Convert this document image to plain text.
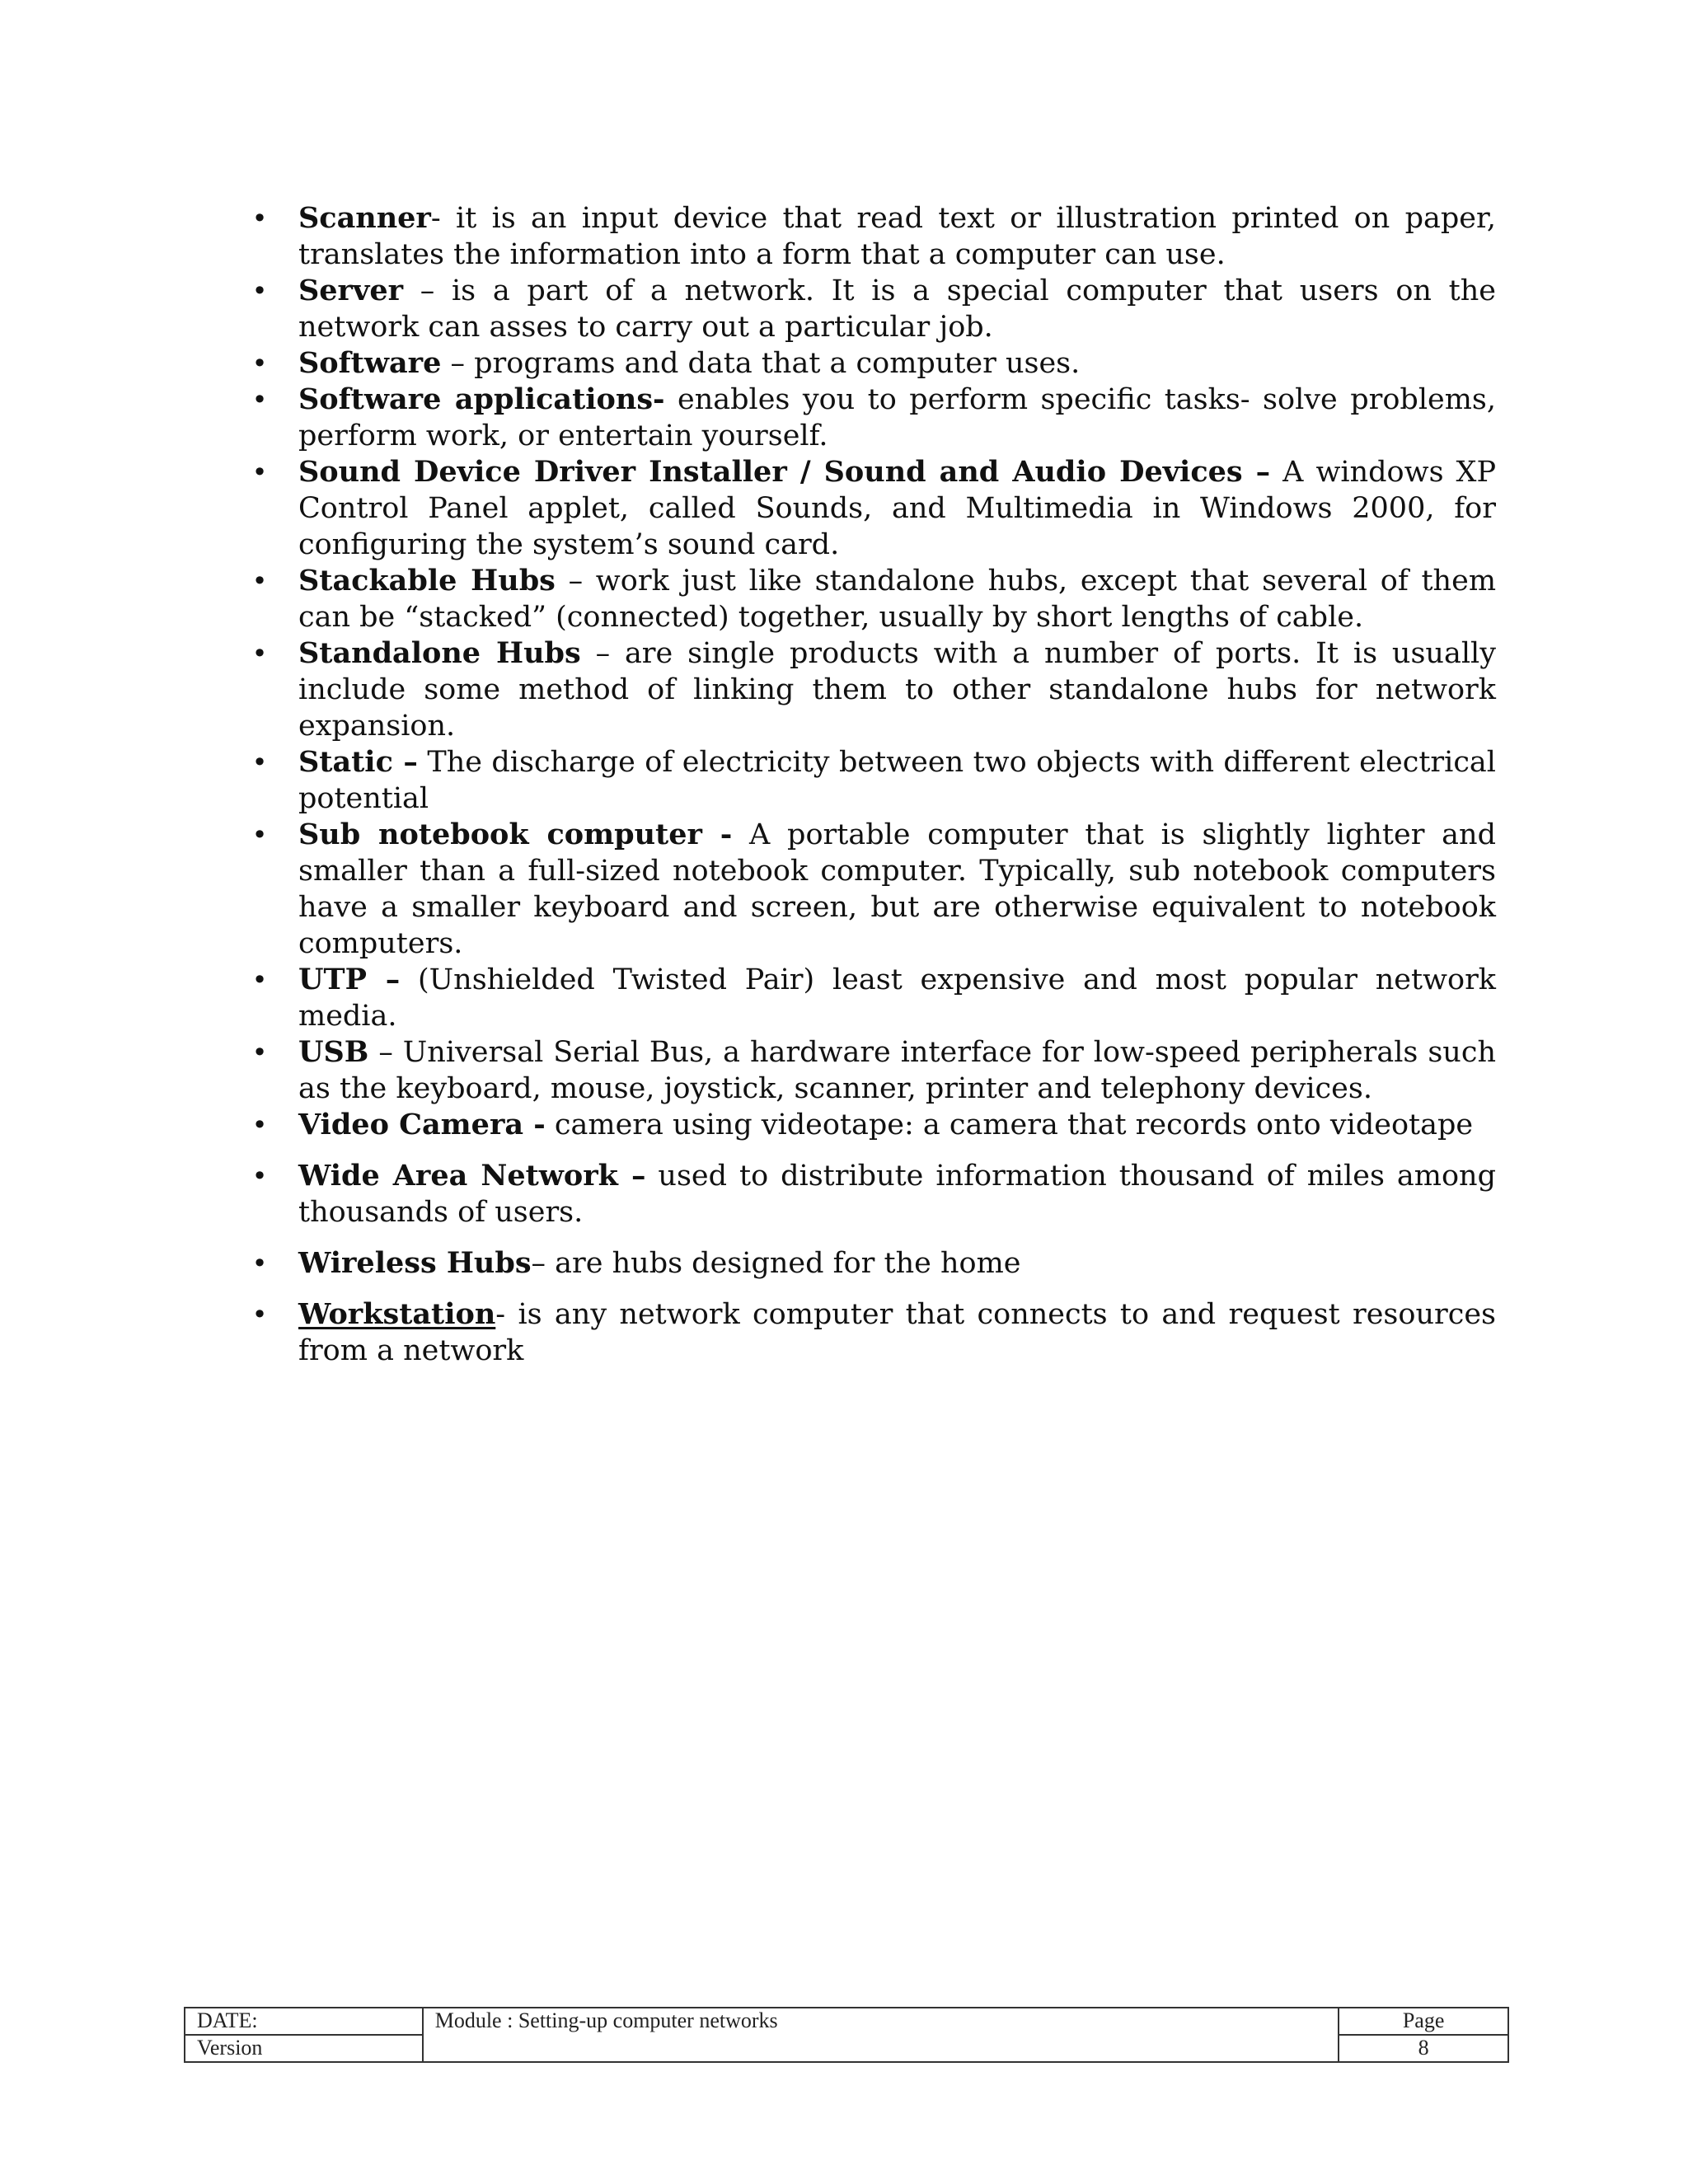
• Scanner- it is an input device that read text or illustration printed on paper, translates the information into a form that a computer can use.
• Server – is a part of a network. It is a special computer that users on the network can asses to carry out a particular job.
• Software – programs and data that a computer uses.
• Software applications- enables you to perform specific tasks- solve problems, perform work, or entertain yourself.
• Sound Device Driver Installer / Sound and Audio Devices – A windows XP Control Panel applet, called Sounds, and Multimedia in Windows 2000, for configuring the system’s sound card.
• Stackable Hubs – work just like standalone hubs, except that several of them can be “stacked” (connected) together, usually by short lengths of cable.
• Standalone Hubs – are single products with a number of ports. It is usually include some method of linking them to other standalone hubs for network expansion.
• Static – The discharge of electricity between two objects with different electrical potential
• Sub notebook computer - A portable computer that is slightly lighter and smaller than a full-sized notebook computer. Typically, sub notebook computers have a smaller keyboard and screen, but are otherwise equivalent to notebook computers.
• UTP – (Unshielded Twisted Pair) least expensive and most popular network media.
• USB – Universal Serial Bus, a hardware interface for low-speed peripherals such as the keyboard, mouse, joystick, scanner, printer and telephony devices.
• Video Camera - camera using videotape: a camera that records onto videotape
• Wide Area Network – used to distribute information thousand of miles among thousands of users.
• Wireless Hubs– are hubs designed for the home
• Workstation- is any network computer that connects to and request resources from a network
DATE:	Module : Setting-up computer networks	Page
Version		8
